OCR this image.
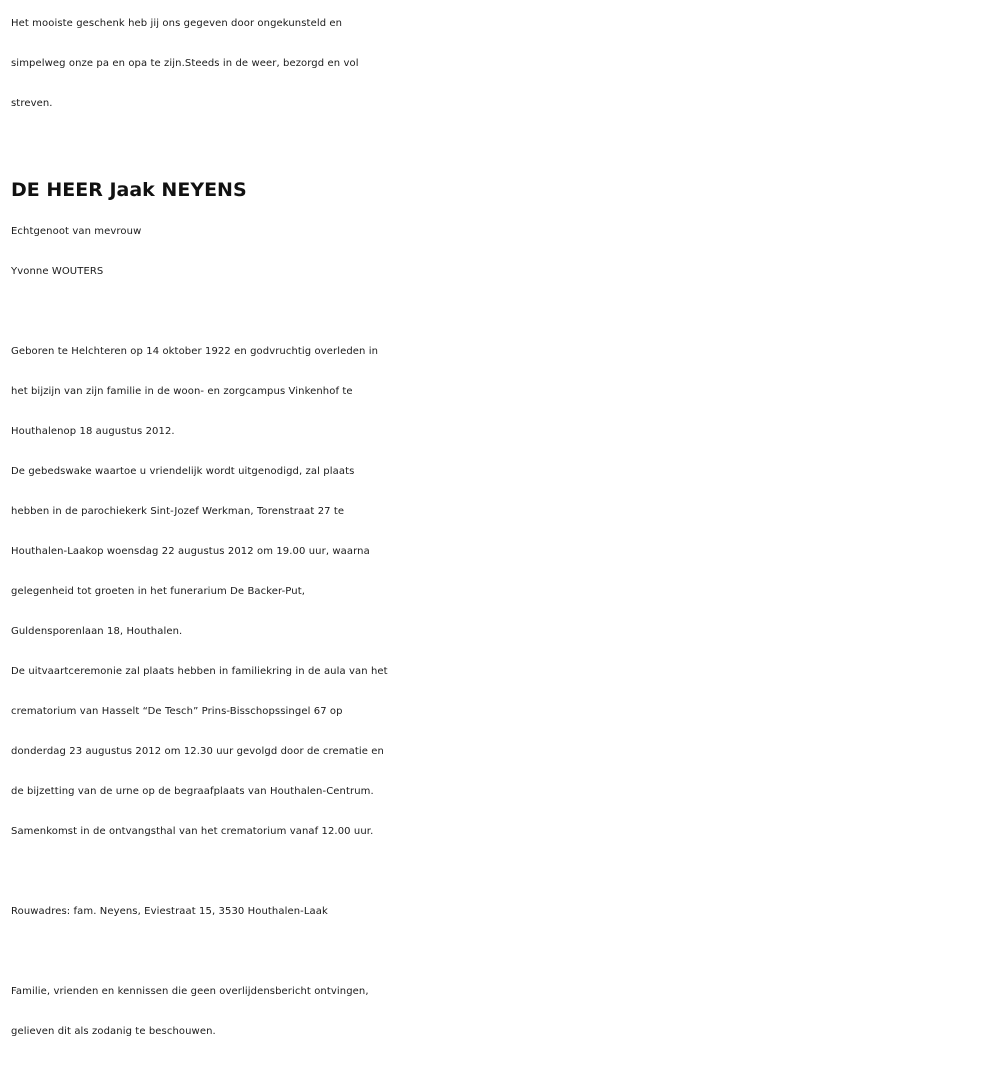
Het mooiste geschenk heb jij ons gegeven door ongekunsteld en
simpelweg onze pa en opa te zijn.Steeds in de weer, bezorgd en vol
streven.
DE HEER Jaak NEYENS
Echtgenoot van mevrouw
Yvonne WOUTERS
Geboren te Helchteren op 14 oktober 1922 en godvruchtig overleden in
het bijzijn van zijn familie in de woon- en zorgcampus Vinkenhof te
Houthalenop 18 augustus 2012.
De gebedswake waartoe u vriendelijk wordt uitgenodigd, zal plaats
hebben in de parochiekerk Sint-Jozef Werkman, Torenstraat 27 te
Houthalen-Laakop woensdag 22 augustus 2012 om 19.00 uur, waarna
gelegenheid tot groeten in het funerarium De Backer-Put,
Guldensporenlaan 18, Houthalen.
De uitvaartceremonie zal plaats hebben in familiekring in de aula van het
crematorium van Hasselt “De Tesch” Prins-Bisschopssingel 67 op
donderdag 23 augustus 2012 om 12.30 uur gevolgd door de crematie en
de bijzetting van de urne op de begraafplaats van Houthalen-Centrum.
Samenkomst in de ontvangsthal van het crematorium vanaf 12.00 uur.
Rouwadres: fam. Neyens, Eviestraat 15, 3530 Houthalen-Laak
Familie, vrienden en kennissen die geen overlijdensbericht ontvingen,
gelieven dit als zodanig te beschouwen.
